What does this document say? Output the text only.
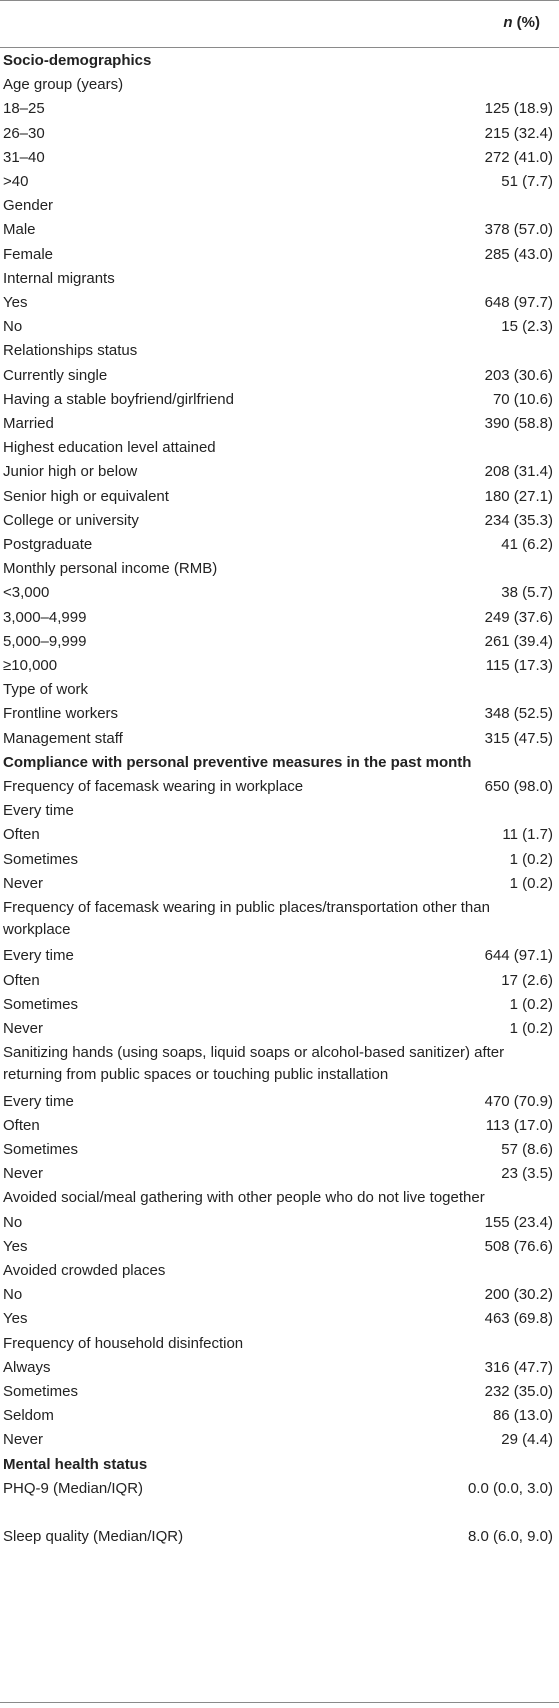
n (%)
Socio-demographics
Age group (years)
18–25	125 (18.9)
26–30	215 (32.4)
31–40	272 (41.0)
>40	51 (7.7)
Gender
Male	378 (57.0)
Female	285 (43.0)
Internal migrants
Yes	648 (97.7)
No	15 (2.3)
Relationships status
Currently single	203 (30.6)
Having a stable boyfriend/girlfriend	70 (10.6)
Married	390 (58.8)
Highest education level attained
Junior high or below	208 (31.4)
Senior high or equivalent	180 (27.1)
College or university	234 (35.3)
Postgraduate	41 (6.2)
Monthly personal income (RMB)
<3,000	38 (5.7)
3,000–4,999	249 (37.6)
5,000–9,999	261 (39.4)
≥10,000	115 (17.3)
Type of work
Frontline workers	348 (52.5)
Management staff	315 (47.5)
Compliance with personal preventive measures in the past month
Frequency of facemask wearing in workplace	650 (98.0)
Every time
Often	11 (1.7)
Sometimes	1 (0.2)
Never	1 (0.2)
Frequency of facemask wearing in public places/transportation other than workplace
Every time	644 (97.1)
Often	17 (2.6)
Sometimes	1 (0.2)
Never	1 (0.2)
Sanitizing hands (using soaps, liquid soaps or alcohol-based sanitizer) after returning from public spaces or touching public installation
Every time	470 (70.9)
Often	113 (17.0)
Sometimes	57 (8.6)
Never	23 (3.5)
Avoided social/meal gathering with other people who do not live together
No	155 (23.4)
Yes	508 (76.6)
Avoided crowded places
No	200 (30.2)
Yes	463 (69.8)
Frequency of household disinfection
Always	316 (47.7)
Sometimes	232 (35.0)
Seldom	86 (13.0)
Never	29 (4.4)
Mental health status
PHQ-9 (Median/IQR)	0.0 (0.0, 3.0)
Sleep quality (Median/IQR)	8.0 (6.0, 9.0)
